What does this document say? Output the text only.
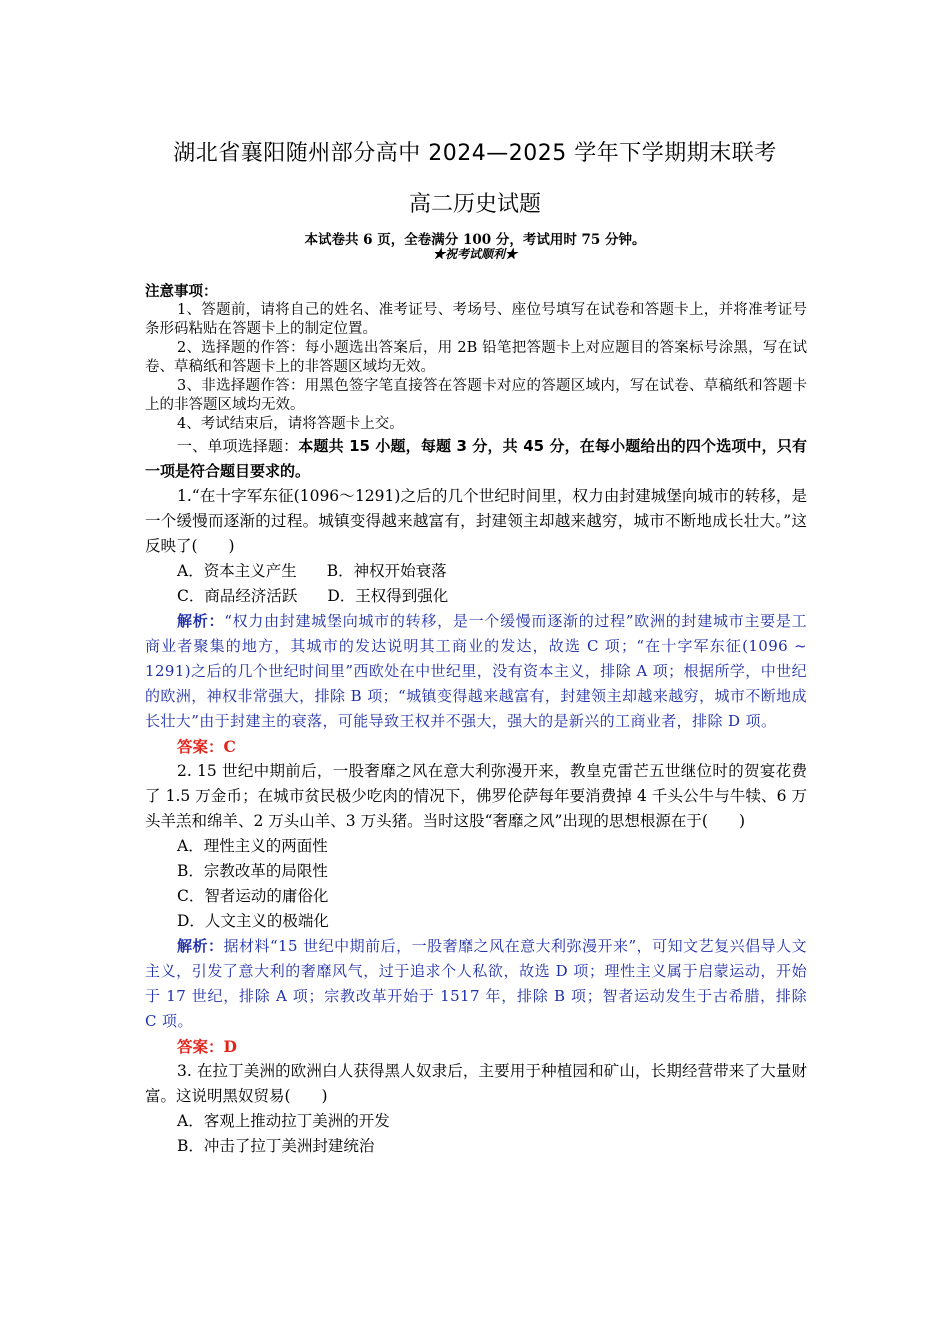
湖北省襄阳随州部分高中 2024—2025 学年下学期期末联考
高二历史试题
本试卷共 6 页，全卷满分 100 分，考试用时 75 分钟。
★祝考试顺利★
注意事项：

1、答题前，请将自己的姓名、准考证号、考场号、座位号填写在试卷和答题卡上，并将准考证号条形码粘贴在答题卡上的制定位置。

2、选择题的作答：每小题选出答案后，用 2B 铅笔把答题卡上对应题目的答案标号涂黑，写在试卷、草稿纸和答题卡上的非答题区域均无效。

3、非选择题作答：用黑色签字笔直接答在答题卡对应的答题区域内，写在试卷、草稿纸和答题卡上的非答题区域均无效。

4、考试结束后，请将答题卡上交。

一、单项选择题：本题共 15 小题，每题 3 分，共 45 分，在每小题给出的四个选项中，只有一项是符合题目要求的。

1.“在十字军东征(1096～1291)之后的几个世纪时间里，权力由封建城堡向城市的转移，是一个缓慢而逐渐的过程。城镇变得越来越富有，封建领主却越来越穷，城市不断地成长壮大。”这反映了(　　)

A．资本主义产生 B．神权开始衰落

C．商品经济活跃 D．王权得到强化

解析：“权力由封建城堡向城市的转移，是一个缓慢而逐渐的过程”欧洲的封建城市主要是工商业者聚集的地方，其城市的发达说明其工商业的发达，故选 C 项；“在十字军东征(1096 ~ 1291)之后的几个世纪时间里”西欧处在中世纪里，没有资本主义，排除 A 项；根据所学，中世纪的欧洲，神权非常强大，排除 B 项；“城镇变得越来越富有，封建领主却越来越穷，城市不断地成长壮大”由于封建主的衰落，可能导致王权并不强大，强大的是新兴的工商业者，排除 D 项。

答案：C

2. 15 世纪中期前后，一股奢靡之风在意大利弥漫开来，教皇克雷芒五世继位时的贺宴花费了 1.5 万金币；在城市贫民极少吃肉的情况下，佛罗伦萨每年要消费掉 4 千头公牛与牛犊、6 万头羊羔和绵羊、2 万头山羊、3 万头猪。当时这股“奢靡之风”出现的思想根源在于(　　)

A．理性主义的两面性

B．宗教改革的局限性

C．智者运动的庸俗化

D．人文主义的极端化

解析：据材料“15 世纪中期前后，一股奢靡之风在意大利弥漫开来”，可知文艺复兴倡导人文主义，引发了意大利的奢靡风气，过于追求个人私欲，故选 D 项；理性主义属于启蒙运动，开始于 17 世纪，排除 A 项；宗教改革开始于 1517 年，排除 B 项；智者运动发生于古希腊，排除 C 项。

答案：D

3. 在拉丁美洲的欧洲白人获得黑人奴隶后，主要用于种植园和矿山，长期经营带来了大量财富。这说明黑奴贸易(　　)

A．客观上推动拉丁美洲的开发

B．冲击了拉丁美洲封建统治
